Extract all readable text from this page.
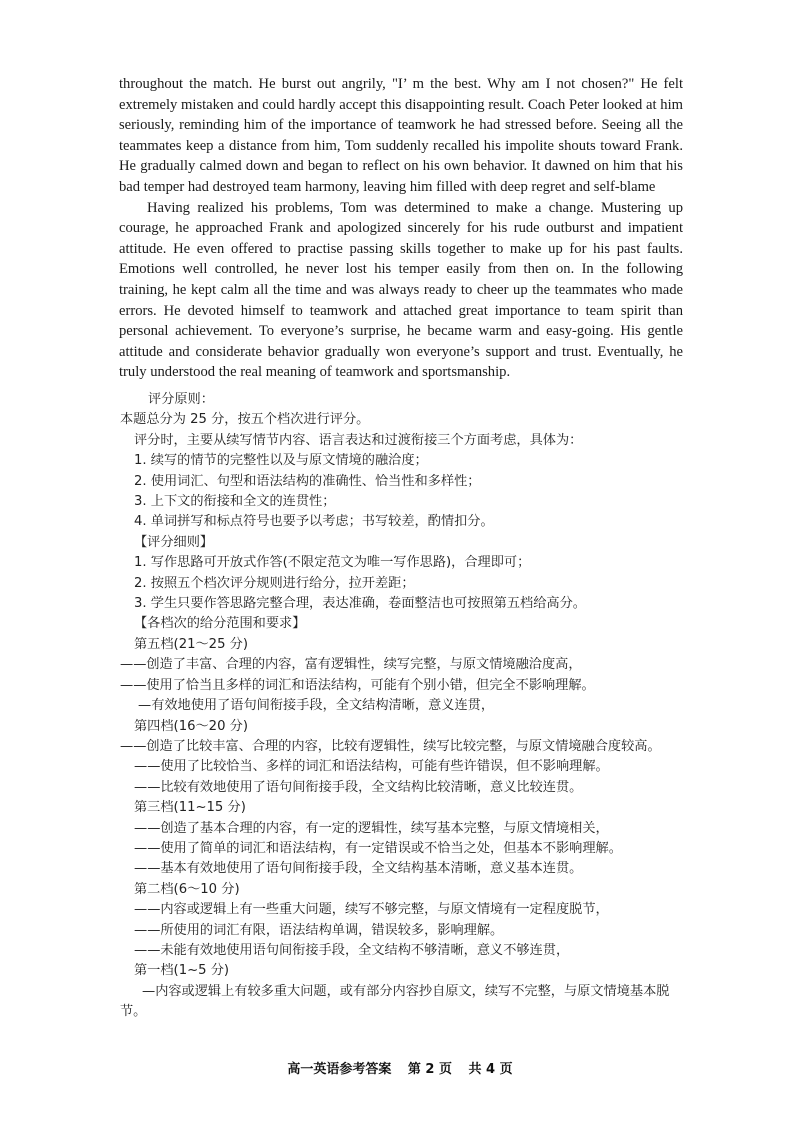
throughout the match. He burst out angrily, "I’ m the best. Why am I not chosen?" He felt extremely mistaken and could hardly accept this disappointing result. Coach Peter looked at him seriously, reminding him of the importance of teamwork he had stressed before. Seeing all the teammates keep a distance from him, Tom suddenly recalled his impolite shouts toward Frank. He gradually calmed down and began to reflect on his own behavior. It dawned on him that his bad temper had destroyed team harmony, leaving him filled with deep regret and self-blame

Having realized his problems, Tom was determined to make a change. Mustering up courage, he approached Frank and apologized sincerely for his rude outburst and impatient attitude. He even offered to practise passing skills together to make up for his past faults. Emotions well controlled, he never lost his temper easily from then on. In the following training, he kept calm all the time and was always ready to cheer up the teammates who made errors. He devoted himself to teamwork and attached great importance to team spirit than personal achievement. To everyone’s surprise, he became warm and easy-going. His gentle attitude and considerate behavior gradually won everyone’s support and trust. Eventually, he truly understood the real meaning of teamwork and sportsmanship.

评分原则：
本题总分为 25 分，按五个档次进行评分。
评分时，主要从续写情节内容、语言表达和过渡衔接三个方面考虑，具体为：
1. 续写的情节的完整性以及与原文情境的融洽度；
2. 使用词汇、句型和语法结构的准确性、恰当性和多样性；
3. 上下文的衔接和全文的连贯性；
4. 单词拼写和标点符号也要予以考虑；书写较差，酌情扣分。
【评分细则】
1. 写作思路可开放式作答(不限定范文为唯一写作思路)，合理即可；
2. 按照五个档次评分规则进行给分，拉开差距；
3. 学生只要作答思路完整合理，表达准确，卷面整洁也可按照第五档给高分。
【各档次的给分范围和要求】
第五档(21～25 分)
——创造了丰富、合理的内容，富有逻辑性，续写完整，与原文情境融洽度高，
——使用了恰当且多样的词汇和语法结构，可能有个别小错，但完全不影响理解。
—有效地使用了语句间衔接手段，全文结构清晰，意义连贯，
第四档(16～20 分)
——创造了比较丰富、合理的内容，比较有逻辑性，续写比较完整，与原文情境融合度较高。
——使用了比较恰当、多样的词汇和语法结构，可能有些许错误，但不影响理解。
——比较有效地使用了语句间衔接手段，全文结构比较清晰，意义比较连贯。
第三档(11~15 分)
——创造了基本合理的内容，有一定的逻辑性，续写基本完整，与原文情境相关，
——使用了简单的词汇和语法结构，有一定错误或不恰当之处，但基本不影响理解。
——基本有效地使用了语句间衔接手段，全文结构基本清晰，意义基本连贯。
第二档(6～10 分)
——内容或逻辑上有一些重大问题，续写不够完整，与原文情境有一定程度脱节，
——所使用的词汇有限，语法结构单调，错误较多，影响理解。
——未能有效地使用语句间衔接手段，全文结构不够清晰，意义不够连贯，
第一档(1~5 分)
—内容或逻辑上有较多重大问题，或有部分内容抄自原文，续写不完整，与原文情境基本脱节。
高一英语参考答案 第 2 页 共 4 页
